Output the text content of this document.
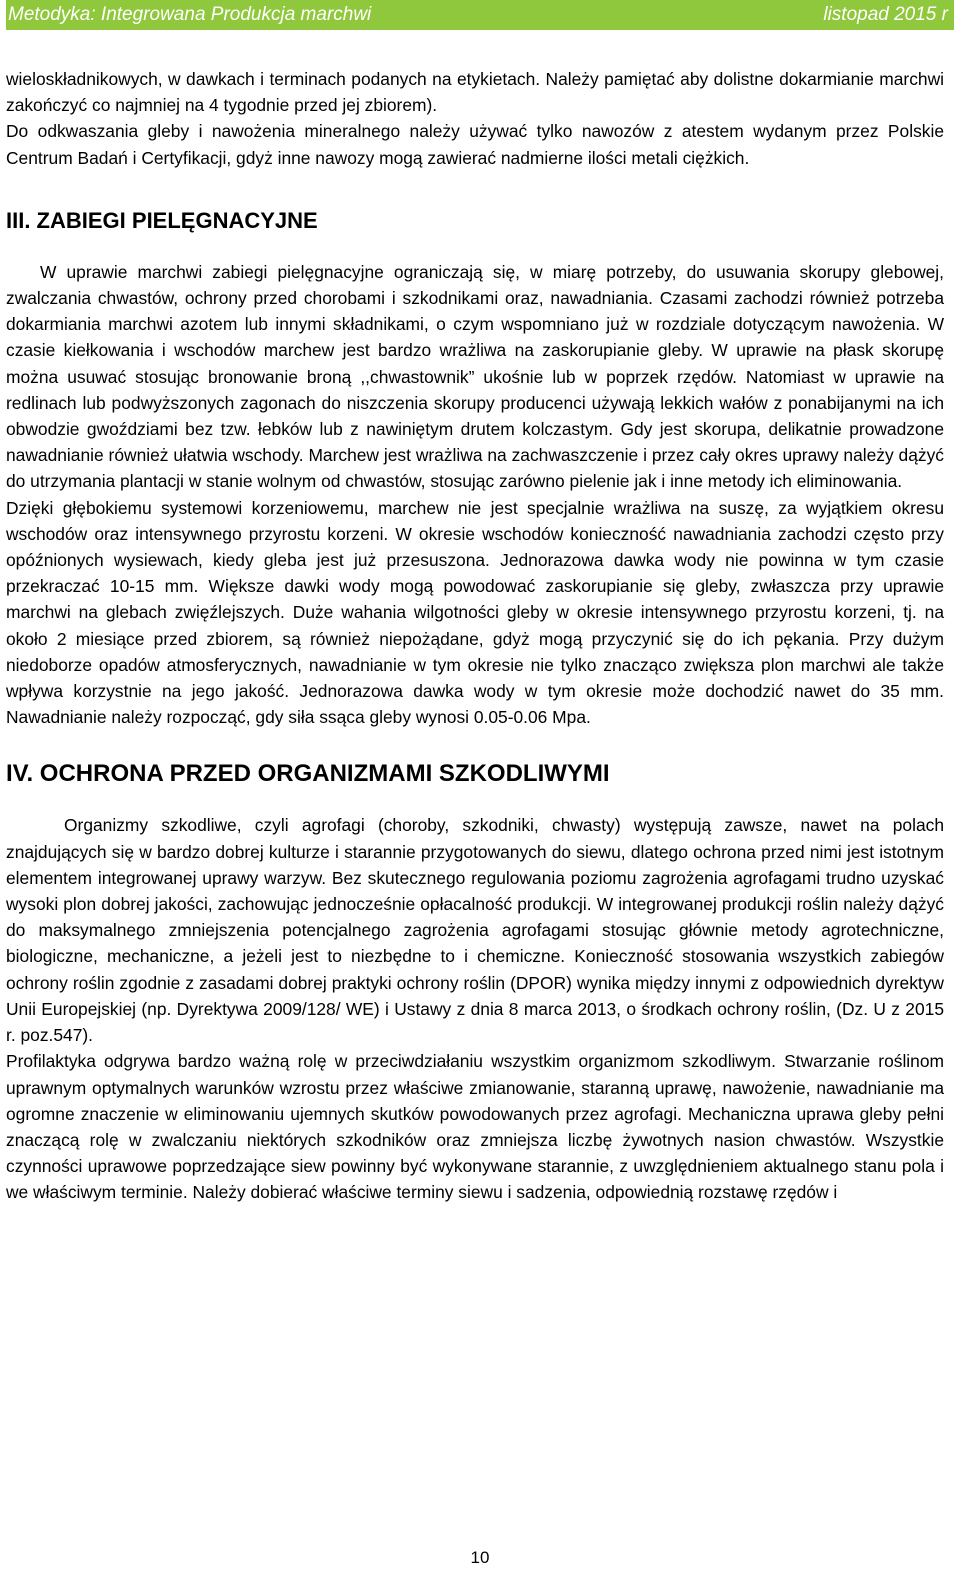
Metodyka: Integrowana Produkcja marchwi	listopad 2015 r

wieloskładnikowych, w dawkach i terminach podanych na etykietach. Należy pamiętać aby dolistne dokarmianie marchwi zakończyć co najmniej na 4 tygodnie przed jej zbiorem).

Do odkwaszania gleby i nawożenia mineralnego należy używać tylko nawozów z atestem wydanym przez Polskie Centrum Badań i Certyfikacji, gdyż inne nawozy mogą zawierać nadmierne ilości metali ciężkich.

III. ZABIEGI PIELĘGNACYJNE

W uprawie marchwi zabiegi pielęgnacyjne ograniczają się, w miarę potrzeby, do usuwania skorupy glebowej, zwalczania chwastów, ochrony przed chorobami i szkodnikami oraz, nawadniania. Czasami zachodzi również potrzeba dokarmiania marchwi azotem lub innymi składnikami, o czym wspomniano już w rozdziale dotyczącym nawożenia. W czasie kiełkowania i wschodów marchew jest bardzo wrażliwa na zaskorupianie gleby. W uprawie na płask skorupę można usuwać stosując bronowanie broną ,,chwastownik” ukośnie lub w poprzek rzędów. Natomiast w uprawie na redlinach lub podwyższonych zagonach do niszczenia skorupy producenci używają lekkich wałów z ponabijanymi na ich obwodzie gwoździami bez tzw. łebków lub z nawiniętym drutem kolczastym. Gdy jest skorupa, delikatnie prowadzone nawadnianie również ułatwia wschody. Marchew jest wrażliwa na zachwaszczenie i przez cały okres uprawy należy dążyć do utrzymania plantacji w stanie wolnym od chwastów, stosując zarówno pielenie jak i inne metody ich eliminowania.

Dzięki głębokiemu systemowi korzeniowemu, marchew nie jest specjalnie wrażliwa na suszę, za wyjątkiem okresu wschodów oraz intensywnego przyrostu korzeni. W okresie wschodów konieczność nawadniania zachodzi często przy opóźnionych wysiewach, kiedy gleba jest już przesuszona. Jednorazowa dawka wody nie powinna w tym czasie przekraczać 10-15 mm. Większe dawki wody mogą powodować zaskorupianie się gleby, zwłaszcza przy uprawie marchwi na glebach zwięźlejszych. Duże wahania wilgotności gleby w okresie intensywnego przyrostu korzeni, tj. na około 2 miesiące przed zbiorem, są również niepożądane, gdyż mogą przyczynić się do ich pękania. Przy dużym niedoborze opadów atmosferycznych, nawadnianie w tym okresie nie tylko znacząco zwiększa plon marchwi ale także wpływa korzystnie na jego jakość. Jednorazowa dawka wody w tym okresie może dochodzić nawet do 35 mm. Nawadnianie należy rozpocząć, gdy siła ssąca gleby wynosi 0.05-0.06 Mpa.

IV. OCHRONA PRZED ORGANIZMAMI SZKODLIWYMI

Organizmy szkodliwe, czyli agrofagi (choroby, szkodniki, chwasty) występują zawsze, nawet na polach znajdujących się w bardzo dobrej kulturze i starannie przygotowanych do siewu, dlatego ochrona przed nimi jest istotnym elementem integrowanej uprawy warzyw. Bez skutecznego regulowania poziomu zagrożenia agrofagami trudno uzyskać wysoki plon dobrej jakości, zachowując jednocześnie opłacalność produkcji. W integrowanej produkcji roślin należy dążyć do maksymalnego zmniejszenia potencjalnego zagrożenia agrofagami stosując głównie metody agrotechniczne, biologiczne, mechaniczne, a jeżeli jest to niezbędne to i chemiczne. Konieczność stosowania wszystkich zabiegów ochrony roślin zgodnie z zasadami dobrej praktyki ochrony roślin (DPOR) wynika między innymi z odpowiednich dyrektyw Unii Europejskiej (np. Dyrektywa 2009/128/ WE) i Ustawy z dnia 8 marca 2013, o środkach ochrony roślin, (Dz. U z 2015 r. poz.547).

Profilaktyka odgrywa bardzo ważną rolę w przeciwdziałaniu wszystkim organizmom szkodliwym. Stwarzanie roślinom uprawnym optymalnych warunków wzrostu przez właściwe zmianowanie, staranną uprawę, nawożenie, nawadnianie ma ogromne znaczenie w eliminowaniu ujemnych skutków powodowanych przez agrofagi. Mechaniczna uprawa gleby pełni znaczącą rolę w zwalczaniu niektórych szkodników oraz zmniejsza liczbę żywotnych nasion chwastów. Wszystkie czynności uprawowe poprzedzające siew powinny być wykonywane starannie, z uwzględnieniem aktualnego stanu pola i we właściwym terminie. Należy dobierać właściwe terminy siewu i sadzenia, odpowiednią rozstawę rzędów i

10
